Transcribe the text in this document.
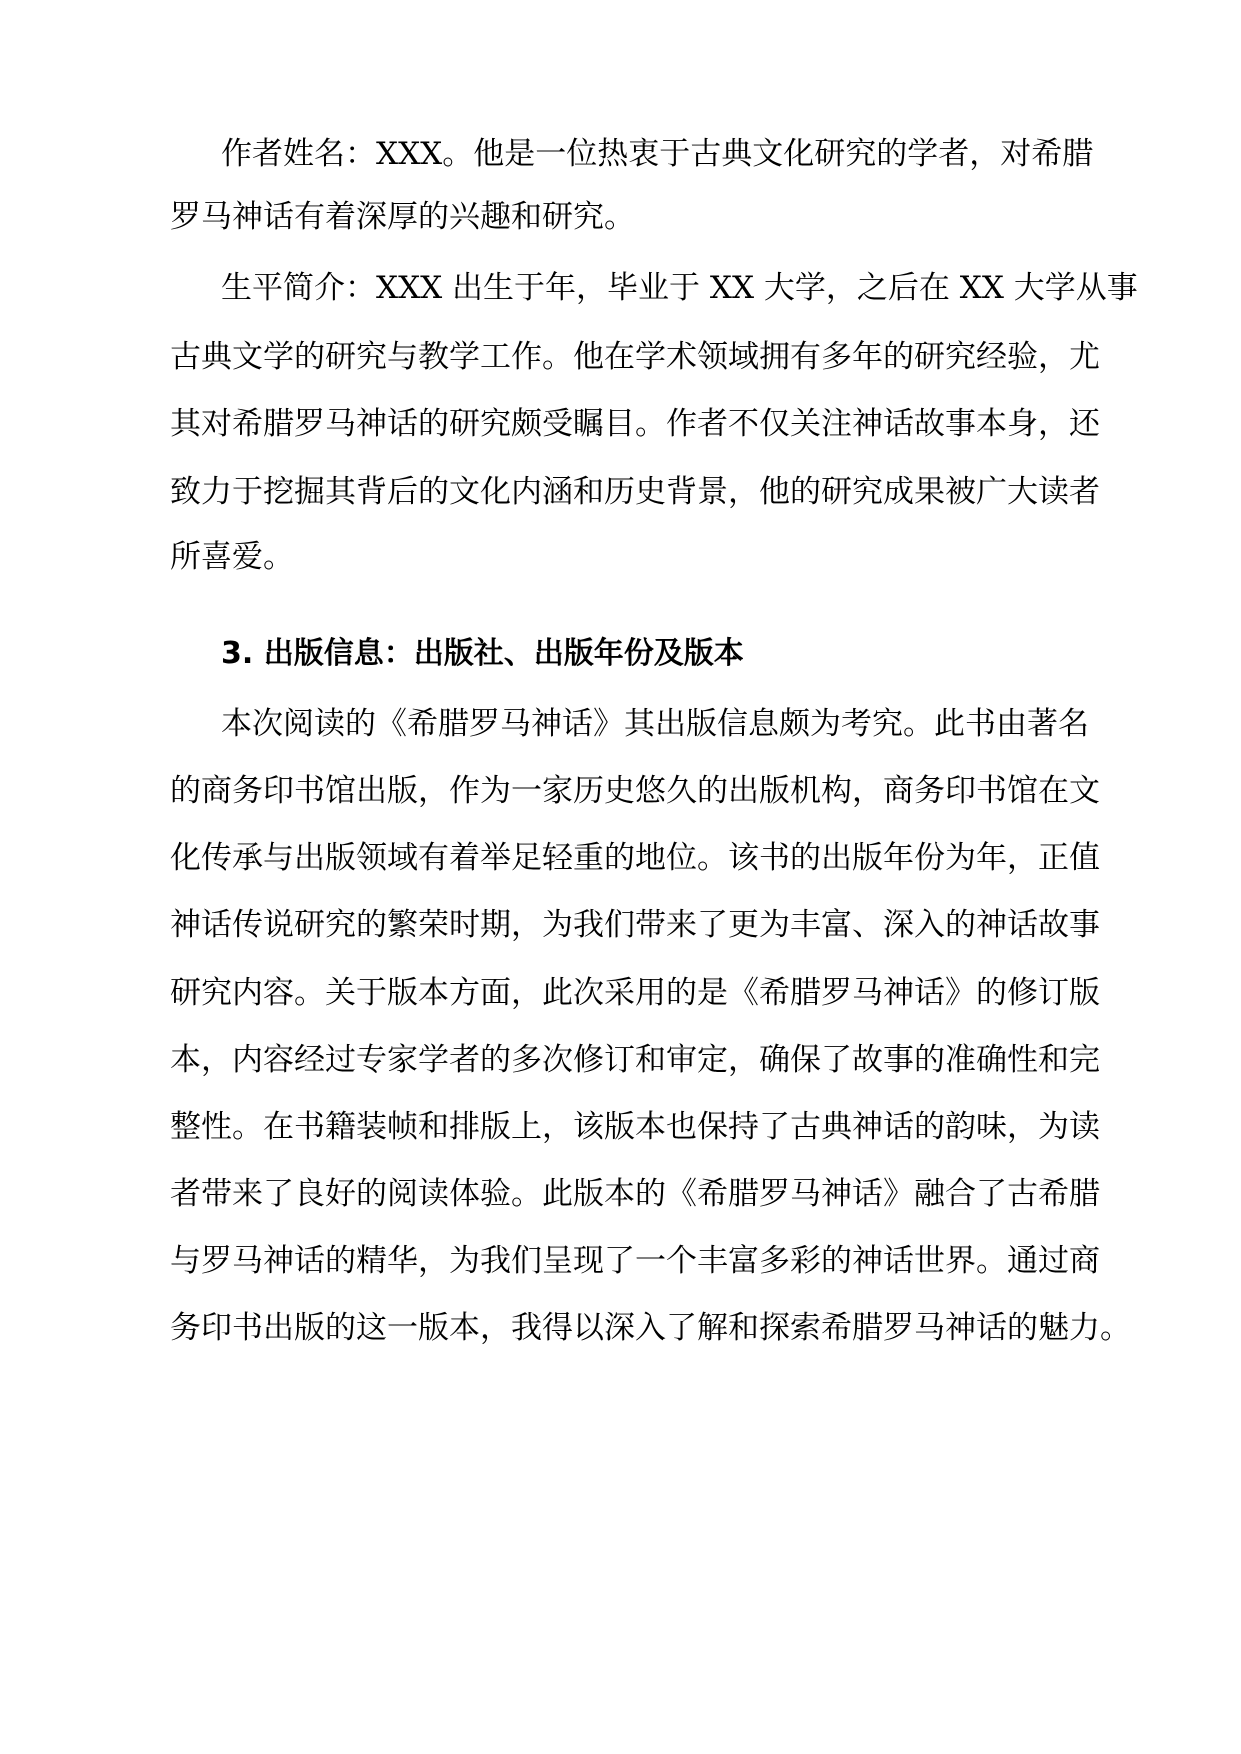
作者姓名：XXX。他是一位热衷于古典文化研究的学者，对希腊
罗马神话有着深厚的兴趣和研究。
生平简介：XXX 出生于年，毕业于 XX 大学，之后在 XX 大学从事
古典文学的研究与教学工作。他在学术领域拥有多年的研究经验，尤
其对希腊罗马神话的研究颇受瞩目。作者不仅关注神话故事本身，还
致力于挖掘其背后的文化内涵和历史背景，他的研究成果被广大读者
所喜爱。
3. 出版信息：出版社、出版年份及版本
本次阅读的《希腊罗马神话》其出版信息颇为考究。此书由著名
的商务印书馆出版，作为一家历史悠久的出版机构，商务印书馆在文
化传承与出版领域有着举足轻重的地位。该书的出版年份为年，正值
神话传说研究的繁荣时期，为我们带来了更为丰富、深入的神话故事
研究内容。关于版本方面，此次采用的是《希腊罗马神话》的修订版
本，内容经过专家学者的多次修订和审定，确保了故事的准确性和完
整性。在书籍装帧和排版上，该版本也保持了古典神话的韵味，为读
者带来了良好的阅读体验。此版本的《希腊罗马神话》融合了古希腊
与罗马神话的精华，为我们呈现了一个丰富多彩的神话世界。通过商
务印书出版的这一版本，我得以深入了解和探索希腊罗马神话的魅力。
